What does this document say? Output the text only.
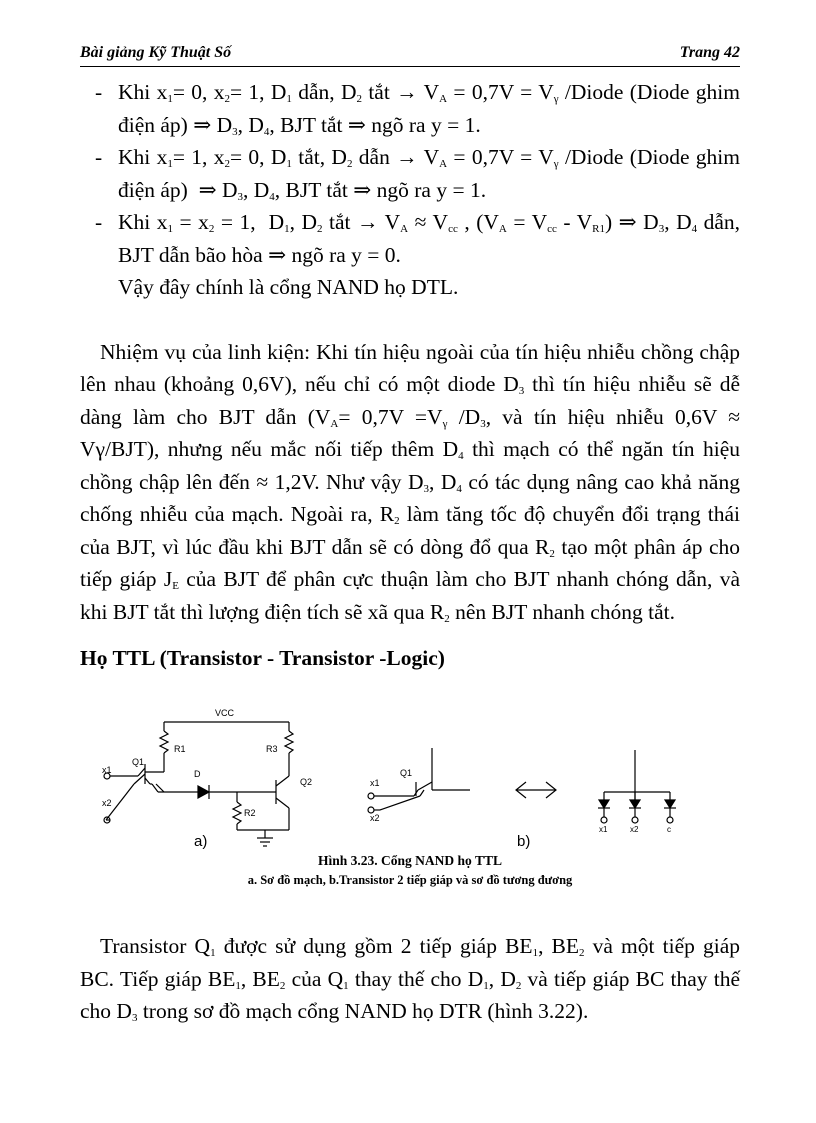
Bài giảng Kỹ Thuật Số	Trang 42
- Khi $x_1= 0$, $x_2= 1$, $D_1$ dẫn, $D_2$ tắt → $V_A = 0,7V = V_\gamma$ /Diode (Diode ghim điện áp) ⇒ $D_3$, $D_4$, BJT tắt ⇒ ngõ ra y = 1.
- Khi $x_1= 1$, $x_2= 0$, $D_1$ tắt, $D_2$ dẫn → $V_A = 0,7V = V_\gamma$ /Diode (Diode ghim điện áp)  ⇒ $D_3$, $D_4$, BJT tắt ⇒ ngõ ra y = 1.
- Khi $x_1 = x_2 = 1$,  $D_1$, $D_2$ tắt → $V_A \approx V_{cc}$ , $(V_A = V_{cc} - V_{R1})$ ⇒ $D_3$, $D_4$ dẫn, BJT dẫn bão hòa ⇒ ngõ ra y = 0.
Vậy đây chính là cổng NAND họ DTL.
Nhiệm vụ của linh kiện: Khi tín hiệu ngoài của tín hiệu nhiễu chồng chập lên nhau (khoảng 0,6V), nếu chỉ có một diode $D_3$ thì tín hiệu nhiễu sẽ dễ dàng làm cho BJT dẫn ($V_A= 0,7V =V_\gamma$ $/D_3$, và tín hiệu nhiễu 0,6V ≈ Vγ/BJT), nhưng nếu mắc nối tiếp thêm $D_4$ thì mạch có thể ngăn tín hiệu chồng chập lên đến ≈ 1,2V. Như vậy $D_3$, $D_4$ có tác dụng nâng cao khả năng chống nhiễu của mạch. Ngoài ra, $R_2$ làm tăng tốc độ chuyển đổi trạng thái của BJT, vì lúc đầu khi BJT dẫn sẽ có dòng đổ qua $R_2$ tạo một phân áp cho tiếp giáp $J_E$ của BJT để phân cực thuận làm cho BJT nhanh chóng dẫn, và khi BJT tắt thì lượng điện tích sẽ xã qua $R_2$ nên BJT nhanh chóng tắt.
Họ TTL (Transistor - Transistor -Logic)
VCC
R1	R3
Q1
D
Q2
R2
x1
x2
Q1
x1
x2
x1	x2	c
a)	b)
<->
Hình 3.23. Cổng NAND họ TTL
a. Sơ đồ mạch, b.Transistor 2 tiếp giáp và sơ đồ tương đương
Transistor $Q_1$ được sử dụng gồm 2 tiếp giáp $BE_1$, $BE_2$ và một tiếp giáp BC. Tiếp giáp $BE_1$, $BE_2$ của $Q_1$ thay thế cho $D_1$, $D_2$ và tiếp giáp BC thay thế cho $D_3$ trong sơ đồ mạch cổng NAND họ DTR (hình 3.22).
